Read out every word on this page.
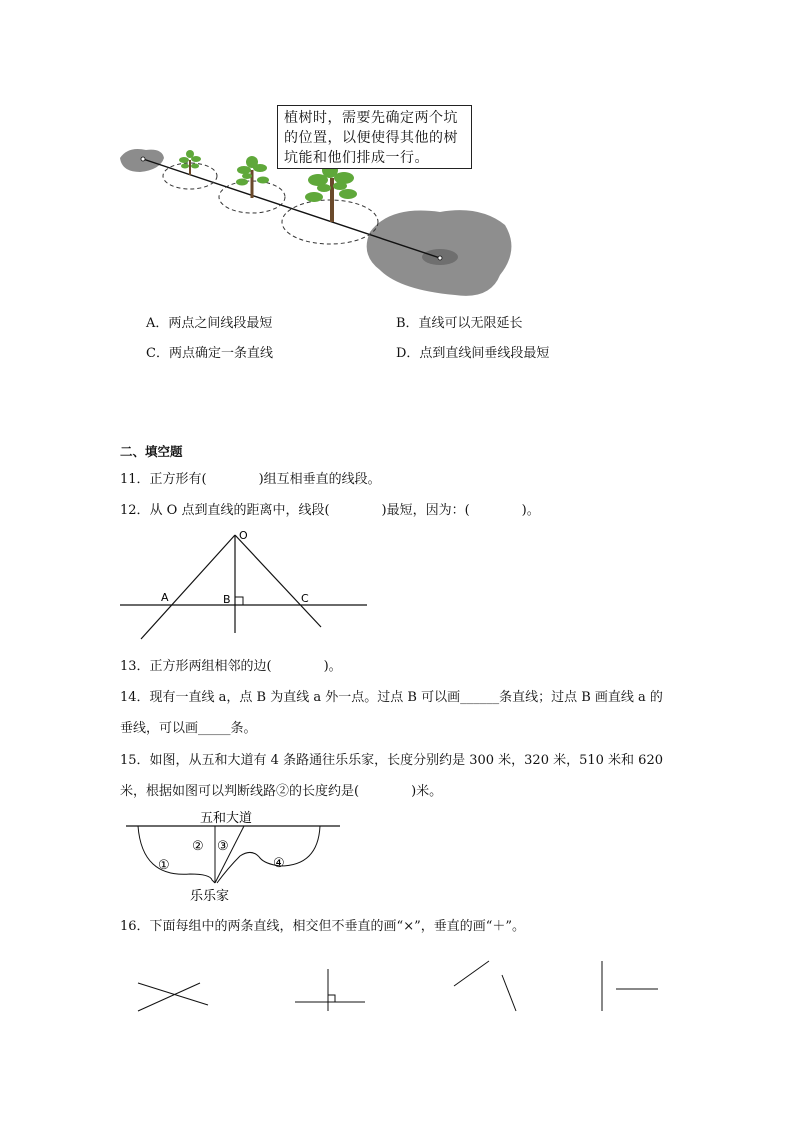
植树时，需要先确定两个坑的位置，以便使得其他的树坑能和他们排成一行。
A．两点之间线段最短	B．直线可以无限延长
C．两点确定一条直线	D．点到直线间垂线段最短
二、填空题
11．正方形有(　　　　)组互相垂直的线段。
12．从 O 点到直线的距离中，线段(　　　　)最短，因为：(　　　　)。
O
A	B	C
13．正方形两组相邻的边(　　　　)。
14．现有一直线 a，点 B 为直线 a 外一点。过点 B 可以画______条直线；过点 B 画直线 a 的
垂线，可以画_____条。
15．如图，从五和大道有 4 条路通往乐乐家，长度分别约是 300 米，320 米，510 米和 620
米，根据如图可以判断线路②的长度约是(　　　　)米。
五和大道
乐乐家
①
② ③
④
16．下面每组中的两条直线，相交但不垂直的画“×”，垂直的画“＋”。
